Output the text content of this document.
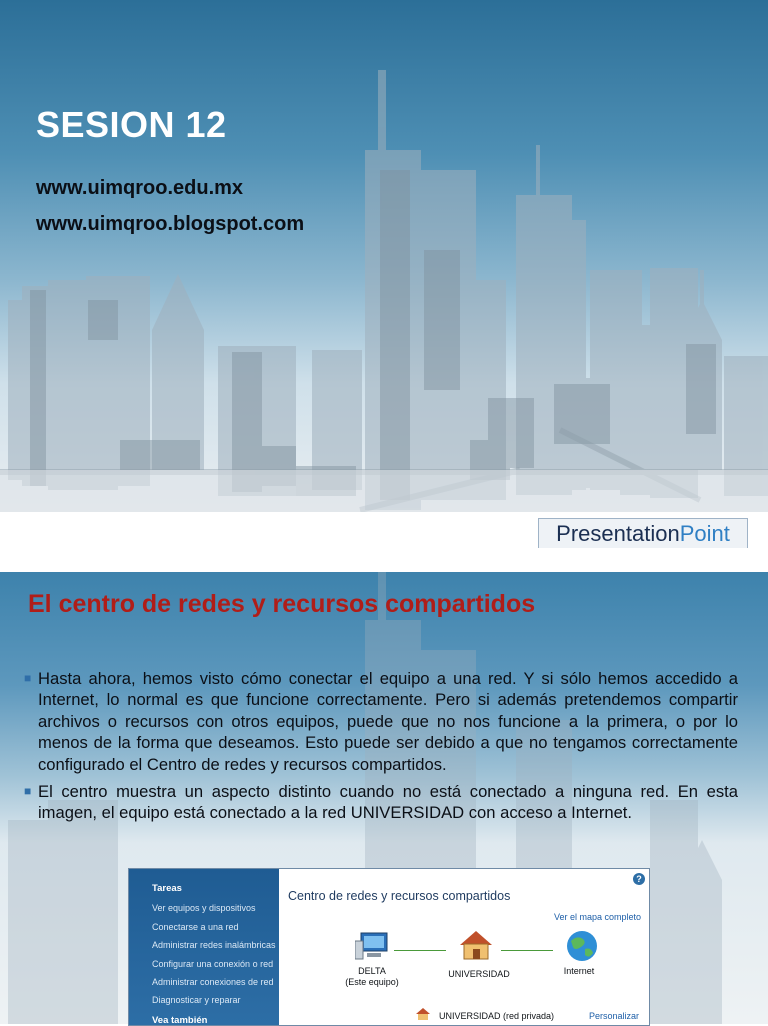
SESION 12
www.uimqroo.edu.mx
www.uimqroo.blogspot.com
Presentation Point
El centro de redes y recursos compartidos
■ Hasta ahora, hemos visto cómo conectar el equipo a una red. Y si sólo hemos accedido a Internet, lo normal es que funcione correctamente. Pero si además pretendemos compartir archivos o recursos con otros equipos, puede que no nos funcione a la primera, o por lo menos de la forma que deseamos. Esto puede ser debido a que no tengamos correctamente configurado el Centro de redes y recursos compartidos.
■ El centro muestra un aspecto distinto cuando no está conectado a ninguna red. En esta imagen, el equipo está conectado a la red UNIVERSIDAD con acceso a Internet.
Tareas
Ver equipos y dispositivos
Conectarse a una red
Administrar redes inalámbricas
Configurar una conexión o red
Administrar conexiones de red
Diagnosticar y reparar
Vea también
?
Centro de redes y recursos compartidos
Ver el mapa completo
DELTA
(Este equipo)
UNIVERSIDAD	Internet
UNIVERSIDAD (red privada)	Personalizar
